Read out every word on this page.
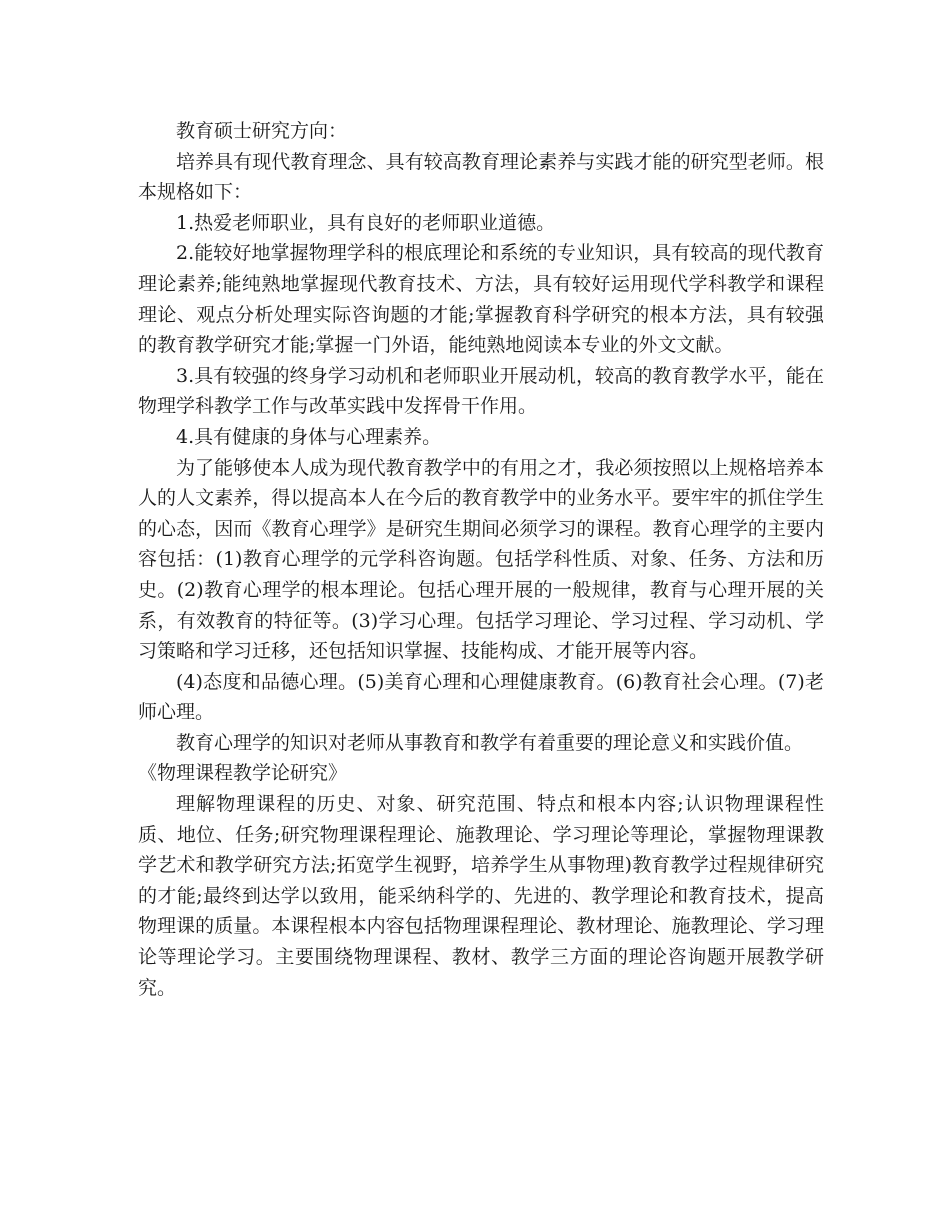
教育硕士研究方向：

培养具有现代教育理念、具有较高教育理论素养与实践才能的研究型老师。根本规格如下：

1.热爱老师职业，具有良好的老师职业道德。

2.能较好地掌握物理学科的根底理论和系统的专业知识，具有较高的现代教育理论素养;能纯熟地掌握现代教育技术、方法，具有较好运用现代学科教学和课程理论、观点分析处理实际咨询题的才能;掌握教育科学研究的根本方法，具有较强的教育教学研究才能;掌握一门外语，能纯熟地阅读本专业的外文文献。

3.具有较强的终身学习动机和老师职业开展动机，较高的教育教学水平，能在物理学科教学工作与改革实践中发挥骨干作用。

4.具有健康的身体与心理素养。

为了能够使本人成为现代教育教学中的有用之才，我必须按照以上规格培养本人的人文素养，得以提高本人在今后的教育教学中的业务水平。要牢牢的抓住学生的心态，因而《教育心理学》是研究生期间必须学习的课程。教育心理学的主要内容包括：(1)教育心理学的元学科咨询题。包括学科性质、对象、任务、方法和历史。(2)教育心理学的根本理论。包括心理开展的一般规律，教育与心理开展的关系，有效教育的特征等。(3)学习心理。包括学习理论、学习过程、学习动机、学习策略和学习迁移，还包括知识掌握、技能构成、才能开展等内容。

(4)态度和品德心理。(5)美育心理和心理健康教育。(6)教育社会心理。(7)老师心理。

教育心理学的知识对老师从事教育和教学有着重要的理论意义和实践价值。

《物理课程教学论研究》

理解物理课程的历史、对象、研究范围、特点和根本内容;认识物理课程性质、地位、任务;研究物理课程理论、施教理论、学习理论等理论，掌握物理课教学艺术和教学研究方法;拓宽学生视野，培养学生从事物理)教育教学过程规律研究的才能;最终到达学以致用，能采纳科学的、先进的、教学理论和教育技术，提高物理课的质量。本课程根本内容包括物理课程理论、教材理论、施教理论、学习理论等理论学习。主要围绕物理课程、教材、教学三方面的理论咨询题开展教学研究。
